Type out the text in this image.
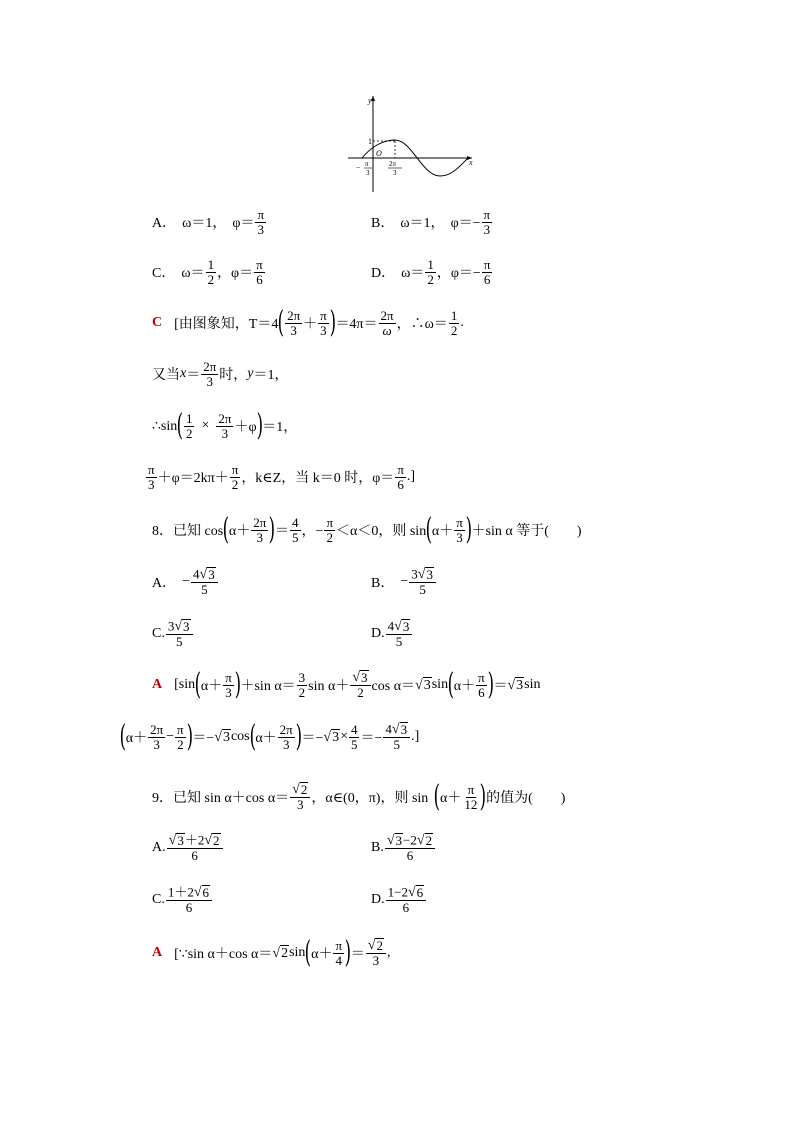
y
x
1
O
− π
3
2π
3
A． ω＝1， $\varphi= \frac{\pi}{3}$	B． ω＝1， $\varphi=- \frac{\pi}{3}$
C． $\omega= \frac{1}{2}$ ，$\varphi= \frac{\pi}{6}$	D． $\omega= \frac{1}{2}$ ，$\varphi=- \frac{\pi}{6}$
C [由图象知，T＝4 ( $\frac{2\pi}{3} + \frac{\pi}{3}$ ) $=4\pi= \frac{2\pi}{\omega}$ ，∴ω＝ $\frac{1}{2}$ .
又当 $x = \frac{2\pi}{3}$ 时， y ＝1，
∴sin ( $\frac{1}{2} \times \frac{2\pi}{3} +\varphi$ ) ＝1，
$\frac{\pi}{3} +\varphi=2k\pi+ \frac{\pi}{2}$ ，k∈Z，当 k＝0 时，$\varphi= \frac{\pi}{6}$ .]
8．已知 cos ( $\alpha+ \frac{2\pi}{3}$ ) ＝ $\frac{4}{5}$ ，− $\frac{\pi}{2} <\alpha<0$，则 sin ( $\alpha+ \frac{\pi}{3}$ ) ＋sin α 等于(　　)
A． − $\frac{4 √ 3}{5}$	B． − $\frac{3 √ 3}{5}$
C. $\frac{3 √ 3}{5}$	D. $\frac{4 √ 3}{5}$
A [sin ( $\alpha+ \frac{\pi}{3}$ ) ＋sin $\alpha= \frac{3}{2}$ $\sin \alpha+ \frac{√ 3}{2}$ cos α＝ √ 3 sin ( $\alpha+ \frac{\pi}{6}$ ) ＝ √ 3 sin
( $\alpha+ \frac{2\pi}{3} - \frac{\pi}{2}$ ) ＝− √ 3 cos ( $\alpha+ \frac{2\pi}{3}$ ) ＝− √ $3 \times \frac{4}{5} =- \frac{4 √ 3}{5}$ .]
9．已知 sin α＋cos $\alpha= \frac{√ 2}{3}$ ，α∈(0，π)，则 sin ( $\alpha+ \frac{\pi}{12}$ ) 的值为(　　)
A. $\frac{√ 3 +2 √ 2}{6}$	B. $\frac{√ 3 -2 √ 2}{6}$
C. $\frac{1+2 √ 6}{6}$	D. $\frac{1-2 √ 6}{6}$
A [∵sin α＋cos α＝ √ 2 sin ( $\alpha+ \frac{\pi}{4}$ ) ＝ $\frac{√ 2}{3}$ ,
